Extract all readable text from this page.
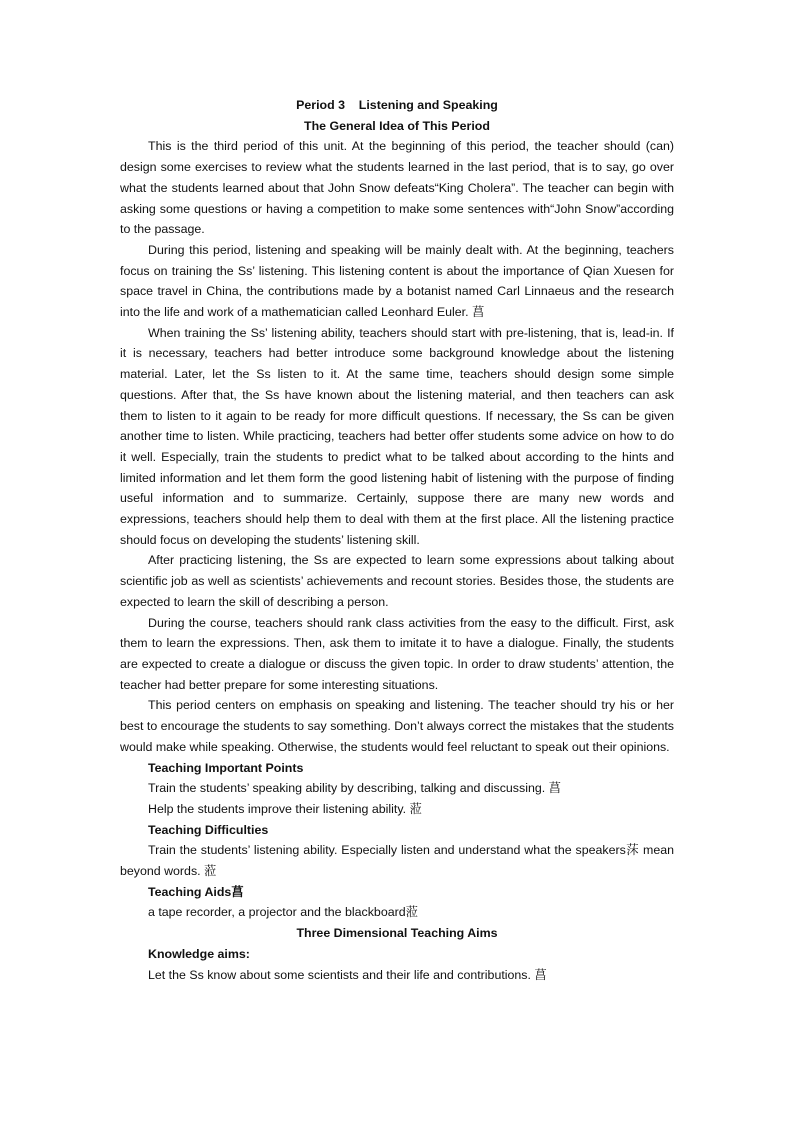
Period 3    Listening and Speaking
The General Idea of This Period

This is the third period of this unit. At the beginning of this period, the teacher should (can) design some exercises to review what the students learned in the last period, that is to say, go over what the students learned about that John Snow defeats“King Cholera”. The teacher can begin with asking some questions or having a competition to make some sentences with“John Snow”according to the passage.

During this period, listening and speaking will be mainly dealt with. At the beginning, teachers focus on training the Ss’ listening. This listening content is about the importance of Qian Xuesen for space travel in China, the contributions made by a botanist named Carl Linnaeus and the research into the life and work of a mathematician called Leonhard Euler. 菖

When training the Ss’ listening ability, teachers should start with pre-listening, that is, lead-in. If it is necessary, teachers had better introduce some background knowledge about the listening material. Later, let the Ss listen to it. At the same time, teachers should design some simple questions. After that, the Ss have known about the listening material, and then teachers can ask them to listen to it again to be ready for more difficult questions. If necessary, the Ss can be given another time to listen. While practicing, teachers had better offer students some advice on how to do it well. Especially, train the students to predict what to be talked about according to the hints and limited information and let them form the good listening habit of listening with the purpose of finding useful information and to summarize. Certainly, suppose there are many new words and expressions, teachers should help them to deal with them at the first place. All the listening practice should focus on developing the students’ listening skill.

After practicing listening, the Ss are expected to learn some expressions about talking about scientific job as well as scientists’ achievements and recount stories. Besides those, the students are expected to learn the skill of describing a person.

During the course, teachers should rank class activities from the easy to the difficult. First, ask them to learn the expressions. Then, ask them to imitate it to have a dialogue. Finally, the students are expected to create a dialogue or discuss the given topic. In order to draw students’ attention, the teacher had better prepare for some interesting situations.

This period centers on emphasis on speaking and listening. The teacher should try his or her best to encourage the students to say something. Don’t always correct the mistakes that the students would make while speaking. Otherwise, the students would feel reluctant to speak out their opinions.

Teaching Important Points

Train the students’ speaking ability by describing, talking and discussing. 菖

Help the students improve their listening ability. 蒞

Teaching Difficulties

Train the students’ listening ability. Especially listen and understand what the speakers莯 mean beyond words. 蒞

Teaching Aids菖

a tape recorder, a projector and the blackboard蒞

Three Dimensional Teaching Aims

Knowledge aims:

Let the Ss know about some scientists and their life and contributions. 菖
